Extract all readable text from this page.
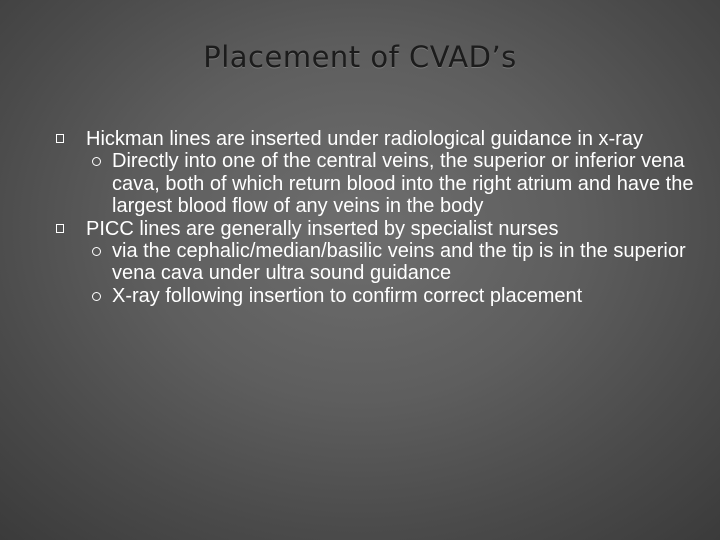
Placement of CVAD’s
Hickman lines are inserted under radiological guidance in x-ray
Directly into one of the central veins, the superior or inferior vena cava, both of which return blood into the right atrium and have the largest blood flow of any veins in the body
PICC lines are generally inserted by specialist nurses
via the cephalic/median/basilic veins and the tip is in the superior vena cava under ultra sound guidance
X-ray following insertion to confirm correct placement
